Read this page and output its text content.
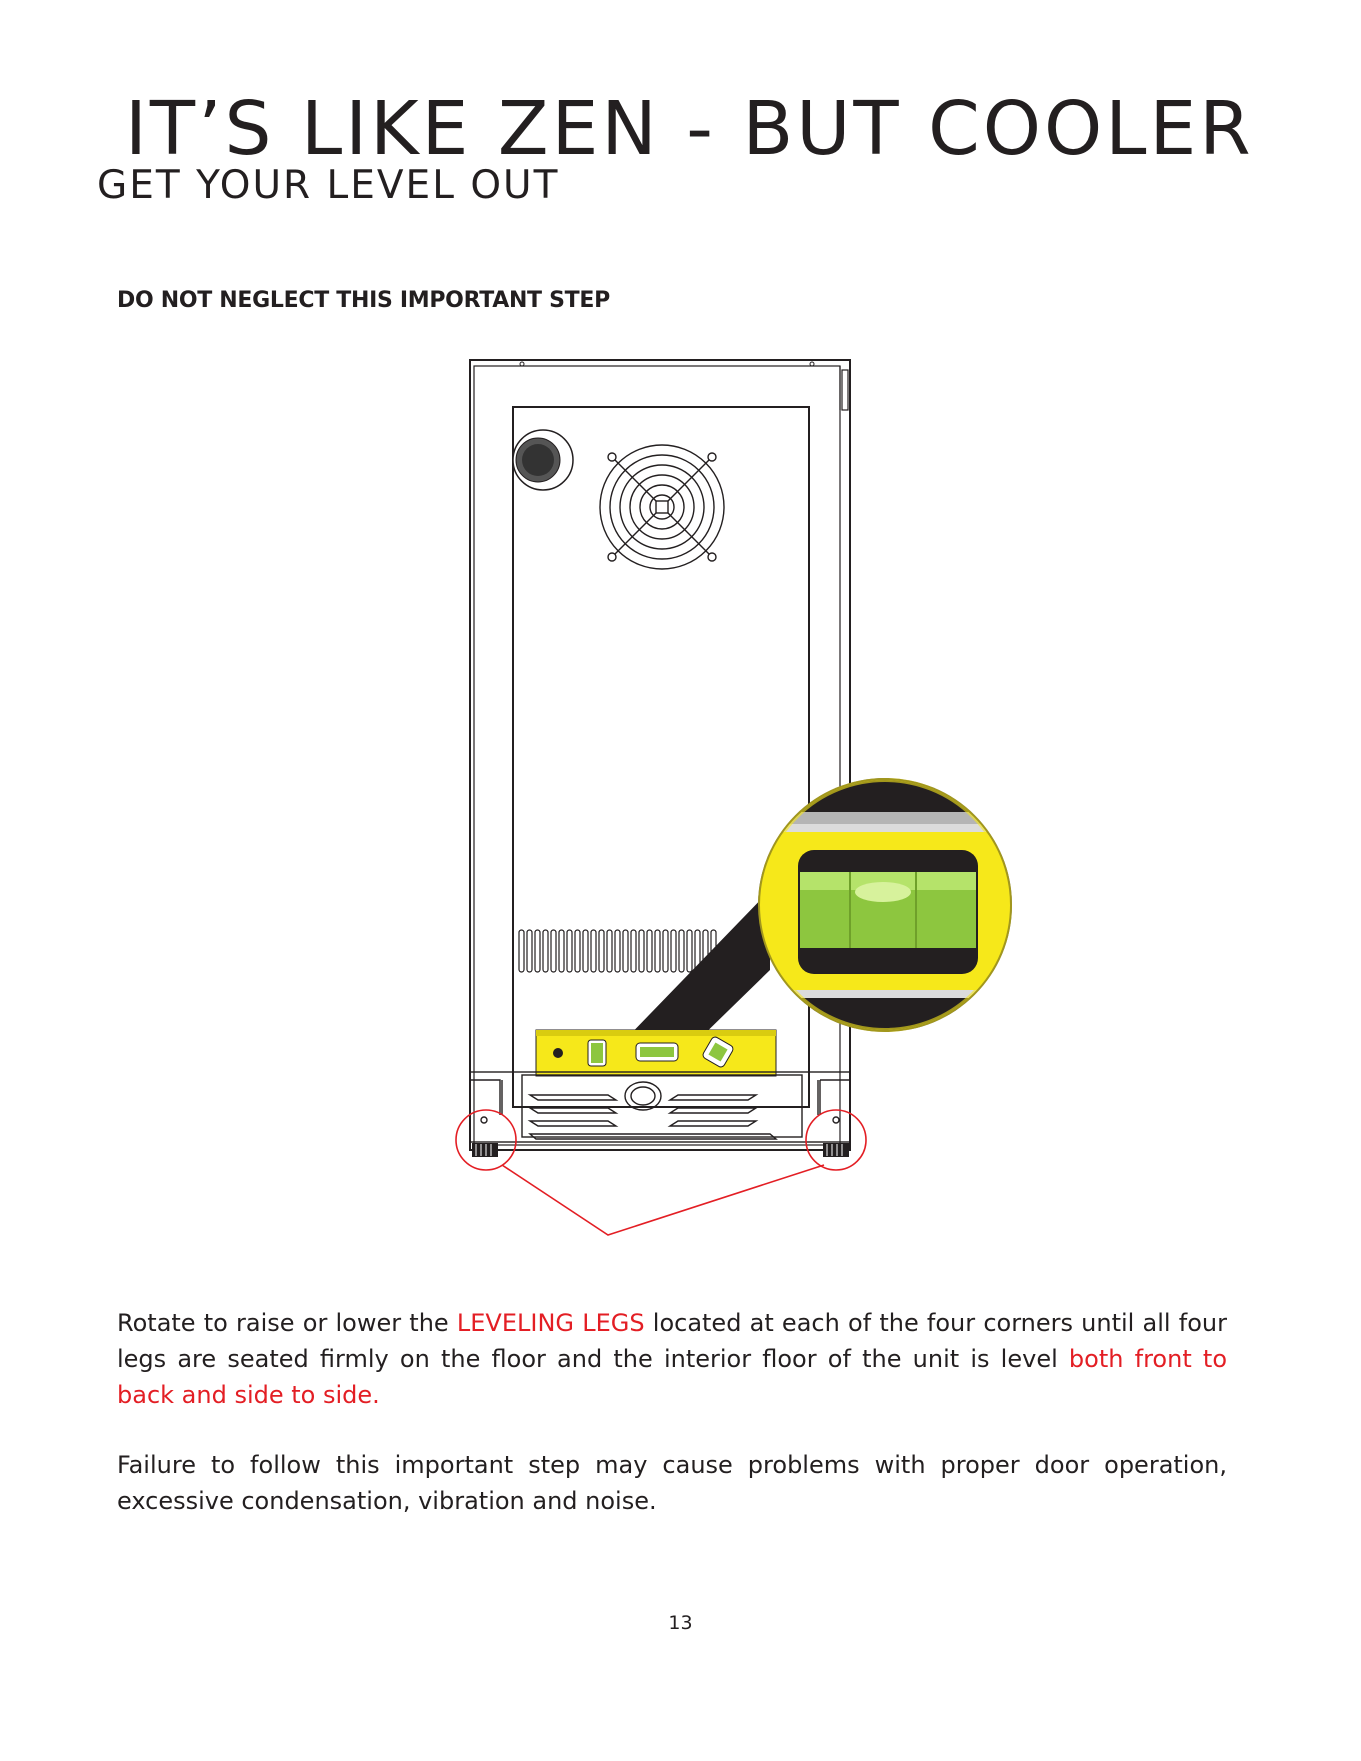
IT’S LIKE ZEN - BUT COOLER
GET YOUR LEVEL OUT
DO NOT NEGLECT THIS IMPORTANT STEP
Rotate to raise or lower the LEVELING LEGS located at each of the four corners until all four legs are seated firmly on the floor and the interior floor of the unit is level both front to back and side to side.
Failure to follow this important step may cause problems with proper door operation, excessive condensation, vibration and noise.
13
